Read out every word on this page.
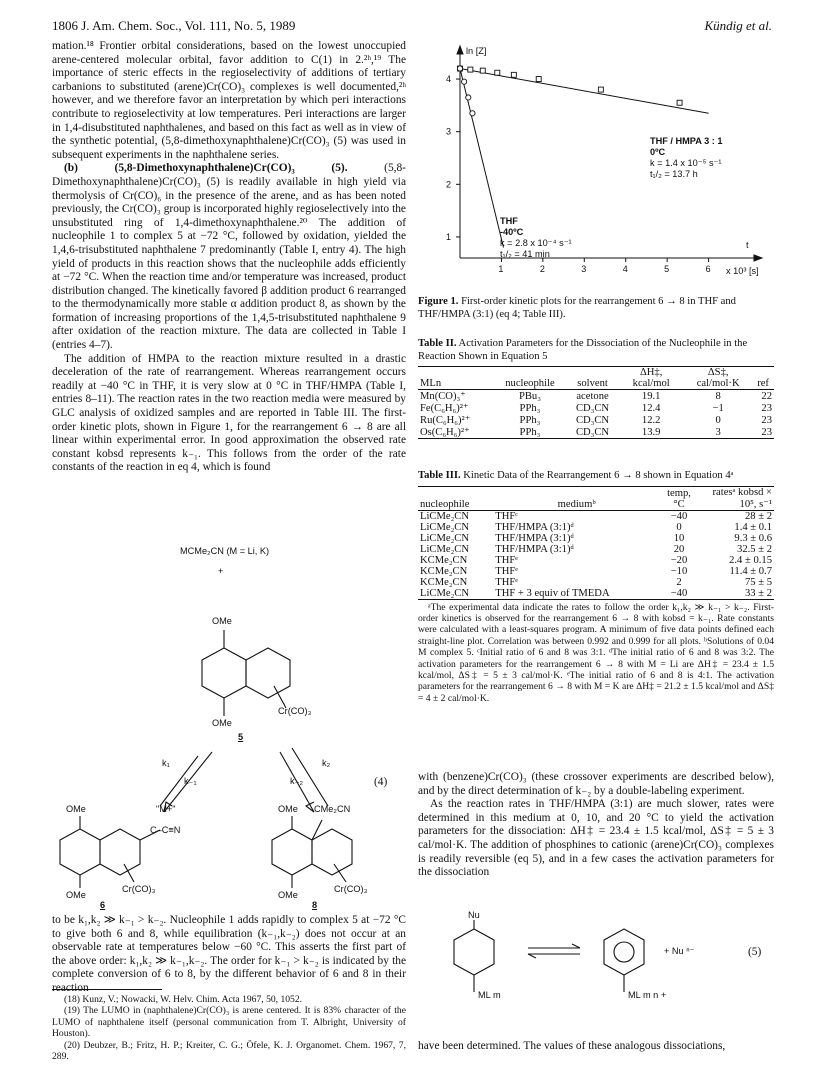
1806 J. Am. Chem. Soc., Vol. 111, No. 5, 1989	Kündig et al.

mation.¹⁸ Frontier orbital considerations, based on the lowest unoccupied arene-centered molecular orbital, favor addition to C(1) in 2.²ʰ,¹⁹ The importance of steric effects in the regioselectivity of additions of tertiary carbanions to substituted (arene)Cr(CO)₃ complexes is well documented,²ʰ however, and we therefore favor an interpretation by which peri interactions contribute to regioselectivity at low temperatures. Peri interactions are larger in 1,4-disubstituted naphthalenes, and based on this fact as well as in view of the synthetic potential, (5,8-dimethoxynaphthalene)Cr(CO)₃ (5) was used in subsequent experiments in the naphthalene series.

(b) (5,8-Dimethoxynaphthalene)Cr(CO)₃ (5). (5,8-Dimethoxynaphthalene)Cr(CO)₃ (5) is readily available in high yield via thermolysis of Cr(CO)₆ in the presence of the arene, and as has been noted previously, the Cr(CO)₃ group is incorporated highly regioselectively into the unsubstituted ring of 1,4-dimethoxynaphthalene.²⁰ The addition of nucleophile 1 to complex 5 at −72 °C, followed by oxidation, yielded the 1,4,6-trisubstituted naphthalene 7 predominantly (Table I, entry 4). The high yield of products in this reaction shows that the nucleophile adds efficiently at −72 °C. When the reaction time and/or temperature was increased, product distribution changed. The kinetically favored β addition product 6 rearranged to the thermodynamically more stable α addition product 8, as shown by the formation of increasing proportions of the 1,4,5-trisubstituted naphthalene 9 after oxidation of the reaction mixture. The data are collected in Table I (entries 4–7).

The addition of HMPA to the reaction mixture resulted in a drastic deceleration of the rate of rearrangement. Whereas rearrangement occurs readily at −40 °C in THF, it is very slow at 0 °C in THF/HMPA (Table I, entries 8–11). The reaction rates in the two reaction media were measured by GLC analysis of oxidized samples and are reported in Table III. The first-order kinetic plots, shown in Figure 1, for the rearrangement 6 → 8 are all linear within experimental error. In good approximation the observed rate constant kobsd represents k₋₁. This follows from the order of the rate constants of the reaction in eq 4, which is found

MCMe₂CN (M = Li, K)
+
OMe
OMe
Cr(CO)₃
5
k₁
k₋₁
k₂
k₋₂	(4)
"M+"
C–C≡N
OMe
OMe
Cr(CO)₃
OMe CMe₂CN
OMe
Cr(CO)₃
6	8

to be k₁,k₂ ≫ k₋₁ > k₋₂. Nucleophile 1 adds rapidly to complex 5 at −72 °C to give both 6 and 8, while equilibration (k₋₁,k₋₂) does not occur at an observable rate at temperatures below −60 °C. This asserts the first part of the above order: k₁,k₂ ≫ k₋₁,k₋₂. The order for k₋₁ > k₋₂ is indicated by the complete conversion of 6 to 8, by the different behavior of 6 and 8 in their reaction

(18) Kunz, V.; Nowacki, W. Helv. Chim. Acta 1967, 50, 1052.
(19) The LUMO in (naphthalene)Cr(CO)₃ is arene centered. It is 83% character of the LUMO of naphthalene itself (personal communication from T. Albright, University of Houston).
(20) Deubzer, B.; Fritz, H. P.; Kreiter, C. G.; Öfele, K. J. Organomet. Chem. 1967, 7, 289.
1
2
3
4
1	2	3	4	5	6
ln [Z]
x 10³ [s]
t
THF / HMPA 3 : 1
0ºC
k = 1.4 x 10⁻⁵ s⁻¹
t₁/₂ = 13.7 h
THF
-40ºC
k = 2.8 x 10⁻⁴ s⁻¹
t₁/₂ = 41 min
Figure 1. First-order kinetic plots for the rearrangement 6 → 8 in THF and THF/HMPA (3:1) (eq 4; Table III).
Table II. Activation Parameters for the Dissociation of the Nucleophile in the Reaction Shown in Equation 5
MLn	nucleophile	solvent	ΔH‡, kcal/mol	ΔS‡, cal/mol·K	ref
Mn(CO)₃⁺	PBu₃	acetone	19.1	8	22
Fe(C₆H₆)²⁺	PPh₃	CD₃CN	12.4	−1	23
Ru(C₆H₆)²⁺	PPh₃	CD₃CN	12.2	0	23
Os(C₆H₆)²⁺	PPh₃	CD₃CN	13.9	3	23
Table III. Kinetic Data of the Rearrangement 6 → 8 shown in Equation 4ᵃ
nucleophile	mediumᵇ	temp, °C	ratesᵃ kobsd × 10⁵, s⁻¹
LiCMe₂CN	THFᶜ	−40	28 ± 2
LiCMe₂CN	THF/HMPA (3:1)ᵈ	0	1.4 ± 0.1
LiCMe₂CN	THF/HMPA (3:1)ᵈ	10	9.3 ± 0.6
LiCMe₂CN	THF/HMPA (3:1)ᵈ	20	32.5 ± 2
KCMe₂CN	THFᵉ	−20	2.4 ± 0.15
KCMe₂CN	THFᵉ	−10	11.4 ± 0.7
KCMe₂CN	THFᵉ	2	75 ± 5
LiCMe₂CN	THF + 3 equiv of TMEDA	−40	33 ± 2
ᵃThe experimental data indicate the rates to follow the order k₁,k₂ ≫ k₋₁ > k₋₂. First-order kinetics is observed for the rearrangement 6 → 8 with kobsd = k₋₁. Rate constants were calculated with a least-squares program. A minimum of five data points defined each straight-line plot. Correlation was between 0.992 and 0.999 for all plots. ᵇSolutions of 0.04 M complex 5. ᶜInitial ratio of 6 and 8 was 3:1. ᵈThe initial ratio of 6 and 8 was 3:2. The activation parameters for the rearrangement 6 → 8 with M = Li are ΔH‡ = 23.4 ± 1.5 kcal/mol, ΔS‡ = 5 ± 3 cal/mol·K. ᵉThe initial ratio of 6 and 8 is 4:1. The activation parameters for the rearrangement 6 → 8 with M = K are ΔH‡ = 21.2 ± 1.5 kcal/mol and ΔS‡ = 4 ± 2 cal/mol·K.

with (benzene)Cr(CO)₃ (these crossover experiments are described below), and by the direct determination of k₋₂ by a double-labeling experiment.

As the reaction rates in THF/HMPA (3:1) are much slower, rates were determined in this medium at 0, 10, and 20 °C to yield the activation parameters for the dissociation: ΔH‡ = 23.4 ± 1.5 kcal/mol, ΔS‡ = 5 ± 3 cal/mol·K. The addition of phosphines to cationic (arene)Cr(CO)₃ complexes is readily reversible (eq 5), and in a few cases the activation parameters for the dissociation

Nu
ML m	ML m n +
+ Nu ⁿ⁻	(5)

have been determined. The values of these analogous dissociations,
